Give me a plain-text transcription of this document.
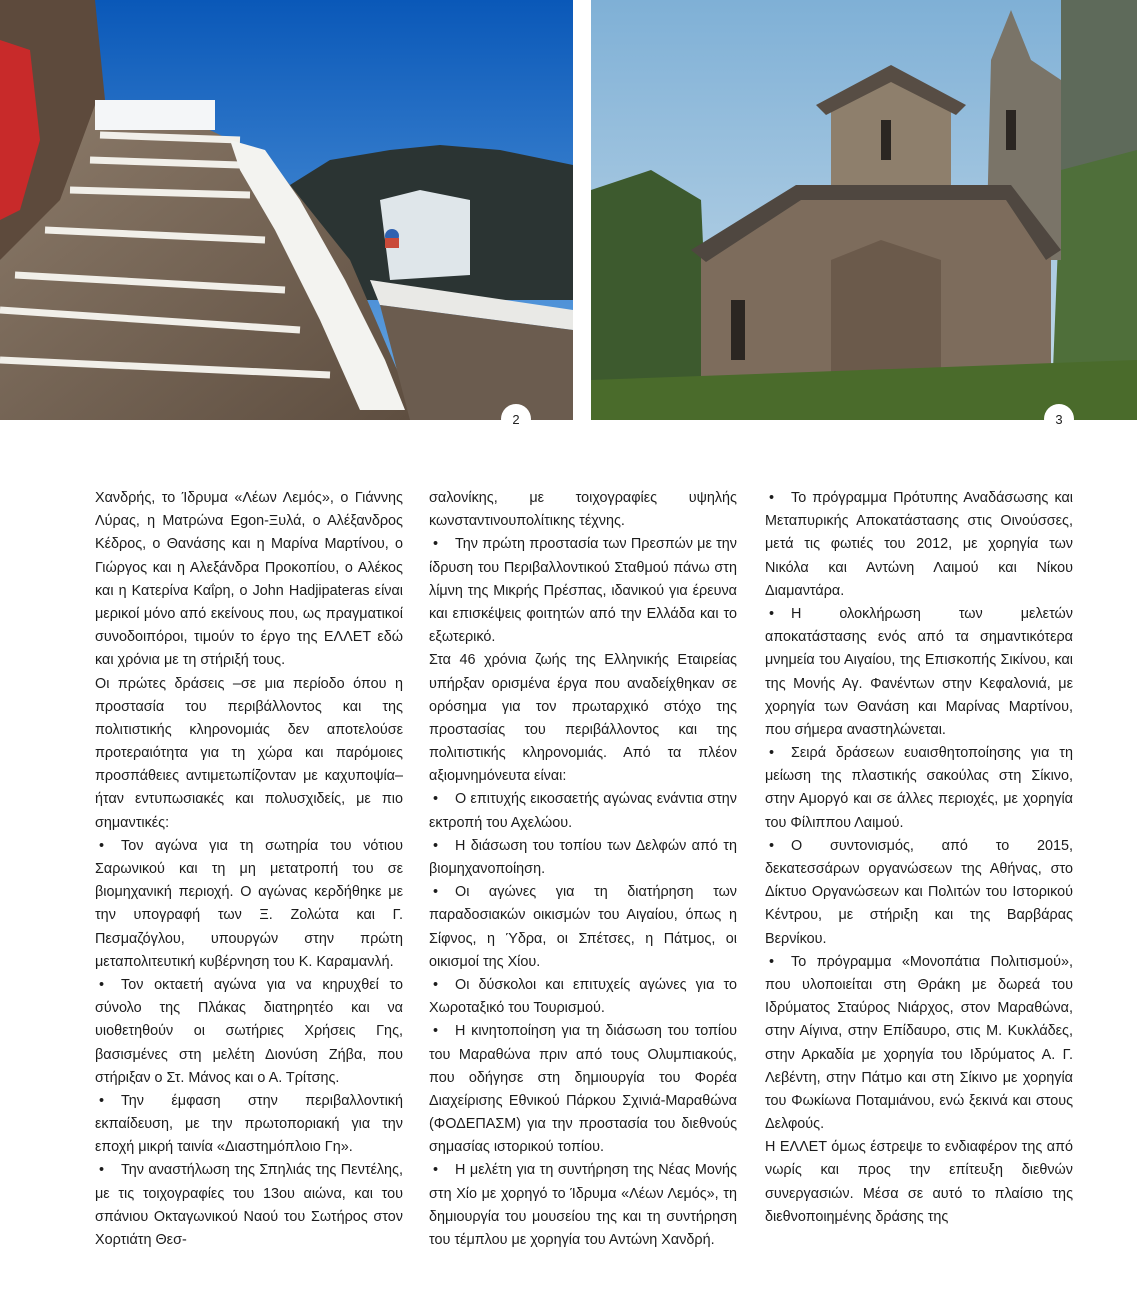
2	3

Χανδρής, το Ίδρυμα «Λέων Λεμός», ο Γιάννης Λύρας, η Ματρώνα Egon-Ξυλά, ο Αλέξανδρος Κέδρος, ο Θανάσης και η Μαρίνα Μαρτίνου, ο Γιώργος και η Αλεξάνδρα Προκοπίου, ο Αλέκος και η Κατερίνα Καΐρη, ο John Hadjipateras είναι μερικοί μόνο από εκείνους που, ως πραγματικοί συνοδοιπόροι, τιμούν το έργο της ΕΛΛΕΤ εδώ και χρόνια με τη στήριξή τους.

Οι πρώτες δράσεις –σε μια περίοδο όπου η προστασία του περιβάλλοντος και της πολιτιστικής κληρονομιάς δεν αποτελούσε προτεραιότητα για τη χώρα και παρόμοιες προσπάθειες αντιμετωπίζονταν με καχυποψία– ήταν εντυπωσιακές και πολυσχιδείς, με πιο σημαντικές:

• Τον αγώνα για τη σωτηρία του νότιου Σαρωνικού και τη μη μετατροπή του σε βιομηχανική περιοχή. Ο αγώνας κερδήθηκε με την υπογραφή των Ξ. Ζολώτα και Γ. Πεσμαζόγλου, υπουργών στην πρώτη μεταπολιτευτική κυβέρνηση του Κ. Καραμανλή.

• Τον οκταετή αγώνα για να κηρυχθεί το σύνολο της Πλάκας διατηρητέο και να υιοθετηθούν οι σωτήριες Χρήσεις Γης, βασισμένες στη μελέτη Διονύση Ζήβα, που στήριξαν ο Στ. Μάνος και ο Α. Τρίτσης.

• Την έμφαση στην περιβαλλοντική εκπαίδευση, με την πρωτοποριακή για την εποχή μικρή ταινία «Διαστημόπλοιο Γη».

• Την αναστήλωση της Σπηλιάς της Πεντέλης, με τις τοιχογραφίες του 13ου αιώνα, και του σπάνιου Οκταγωνικού Ναού του Σωτήρος στον Χορτιάτη Θεσ-

σαλονίκης, με τοιχογραφίες υψηλής κωνσταντινουπολίτικης τέχνης.

• Την πρώτη προστασία των Πρεσπών με την ίδρυση του Περιβαλλοντικού Σταθμού πάνω στη λίμνη της Μικρής Πρέσπας, ιδανικού για έρευνα και επισκέψεις φοιτητών από την Ελλάδα και το εξωτερικό.

Στα 46 χρόνια ζωής της Ελληνικής Εταιρείας υπήρξαν ορισμένα έργα που αναδείχθηκαν σε ορόσημα για τον πρωταρχικό στόχο της προστασίας του περιβάλλοντος και της πολιτιστικής κληρονομιάς. Από τα πλέον αξιομνημόνευτα είναι:

• Ο επιτυχής εικοσαετής αγώνας ενάντια στην εκτροπή του Αχελώου.

• Η διάσωση του τοπίου των Δελφών από τη βιομηχανοποίηση.

• Οι αγώνες για τη διατήρηση των παραδοσιακών οικισμών του Αιγαίου, όπως η Σίφνος, η Ύδρα, οι Σπέτσες, η Πάτμος, οι οικισμοί της Χίου.

• Οι δύσκολοι και επιτυχείς αγώνες για το Χωροταξικό του Τουρισμού.

• Η κινητοποίηση για τη διάσωση του τοπίου του Μαραθώνα πριν από τους Ολυμπιακούς, που οδήγησε στη δημιουργία του Φορέα Διαχείρισης Εθνικού Πάρκου Σχινιά-Μαραθώνα (ΦΟΔΕΠΑΣΜ) για την προστασία του διεθνούς σημασίας ιστορικού τοπίου.

• Η μελέτη για τη συντήρηση της Νέας Μονής στη Χίο με χορηγό το Ίδρυμα «Λέων Λεμός», τη δημιουργία του μουσείου της και τη συντήρηση του τέμπλου με χορηγία του Αντώνη Χανδρή.

• Το πρόγραμμα Πρότυπης Αναδάσωσης και Μεταπυρικής Αποκατάστασης στις Οινούσσες, μετά τις φωτιές του 2012, με χορηγία των Νικόλα και Αντώνη Λαιμού και Νίκου Διαμαντάρα.

• Η ολοκλήρωση των μελετών αποκατάστασης ενός από τα σημαντικότερα μνημεία του Αιγαίου, της Επισκοπής Σικίνου, και της Μονής Αγ. Φανέντων στην Κεφαλονιά, με χορηγία των Θανάση και Μαρίνας Μαρτίνου, που σήμερα αναστηλώνεται.

• Σειρά δράσεων ευαισθητοποίησης για τη μείωση της πλαστικής σακούλας στη Σίκινο, στην Αμοργό και σε άλλες περιοχές, με χορηγία του Φίλιππου Λαιμού.

• Ο συντονισμός, από το 2015, δεκατεσσάρων οργανώσεων της Αθήνας, στο Δίκτυο Οργανώσεων και Πολιτών του Ιστορικού Κέντρου, με στήριξη και της Βαρβάρας Βερνίκου.

• Το πρόγραμμα «Μονοπάτια Πολιτισμού», που υλοποιείται στη Θράκη με δωρεά του Ιδρύματος Σταύρος Νιάρχος, στον Μαραθώνα, στην Αίγινα, στην Επίδαυρο, στις Μ. Κυκλάδες, στην Αρκαδία με χορηγία του Ιδρύματος Α. Γ. Λεβέντη, στην Πάτμο και στη Σίκινο με χορηγία του Φωκίωνα Ποταμιάνου, ενώ ξεκινά και στους Δελφούς.

Η ΕΛΛΕΤ όμως έστρεψε το ενδιαφέρον της από νωρίς και προς την επίτευξη διεθνών συνεργασιών. Μέσα σε αυτό το πλαίσιο της διεθνοποιημένης δράσης της
